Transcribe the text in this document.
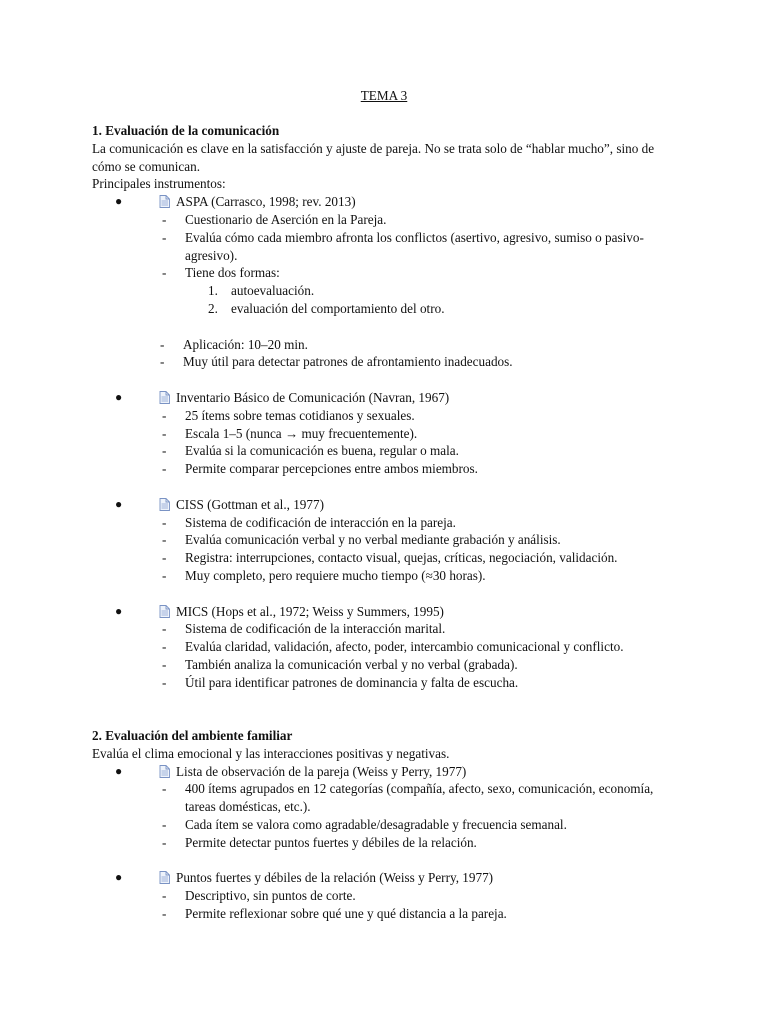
TEMA 3
1. Evaluación de la comunicación
La comunicación es clave en la satisfacción y ajuste de pareja. No se trata solo de “hablar mucho”, sino de cómo se comunican.
Principales instrumentos:
●	ASPA (Carrasco, 1998; rev. 2013)
- Cuestionario de Aserción en la Pareja.
- Evalúa cómo cada miembro afronta los conflictos (asertivo, agresivo, sumiso o pasivo-agresivo).
- Tiene dos formas:
1. autoevaluación.
2. evaluación del comportamiento del otro.
- Aplicación: 10–20 min.
- Muy útil para detectar patrones de afrontamiento inadecuados.
●	Inventario Básico de Comunicación (Navran, 1967)
- 25 ítems sobre temas cotidianos y sexuales.
- Escala 1–5 (nunca → muy frecuentemente).
- Evalúa si la comunicación es buena, regular o mala.
- Permite comparar percepciones entre ambos miembros.
●	CISS (Gottman et al., 1977)
- Sistema de codificación de interacción en la pareja.
- Evalúa comunicación verbal y no verbal mediante grabación y análisis.
- Registra: interrupciones, contacto visual, quejas, críticas, negociación, validación.
- Muy completo, pero requiere mucho tiempo (≈30 horas).
●	MICS (Hops et al., 1972; Weiss y Summers, 1995)
- Sistema de codificación de la interacción marital.
- Evalúa claridad, validación, afecto, poder, intercambio comunicacional y conflicto.
- También analiza la comunicación verbal y no verbal (grabada).
- Útil para identificar patrones de dominancia y falta de escucha.
2. Evaluación del ambiente familiar
Evalúa el clima emocional y las interacciones positivas y negativas.
●	Lista de observación de la pareja (Weiss y Perry, 1977)
- 400 ítems agrupados en 12 categorías (compañía, afecto, sexo, comunicación, economía, tareas domésticas, etc.).
- Cada ítem se valora como agradable/desagradable y frecuencia semanal.
- Permite detectar puntos fuertes y débiles de la relación.
●	Puntos fuertes y débiles de la relación (Weiss y Perry, 1977)
- Descriptivo, sin puntos de corte.
- Permite reflexionar sobre qué une y qué distancia a la pareja.
